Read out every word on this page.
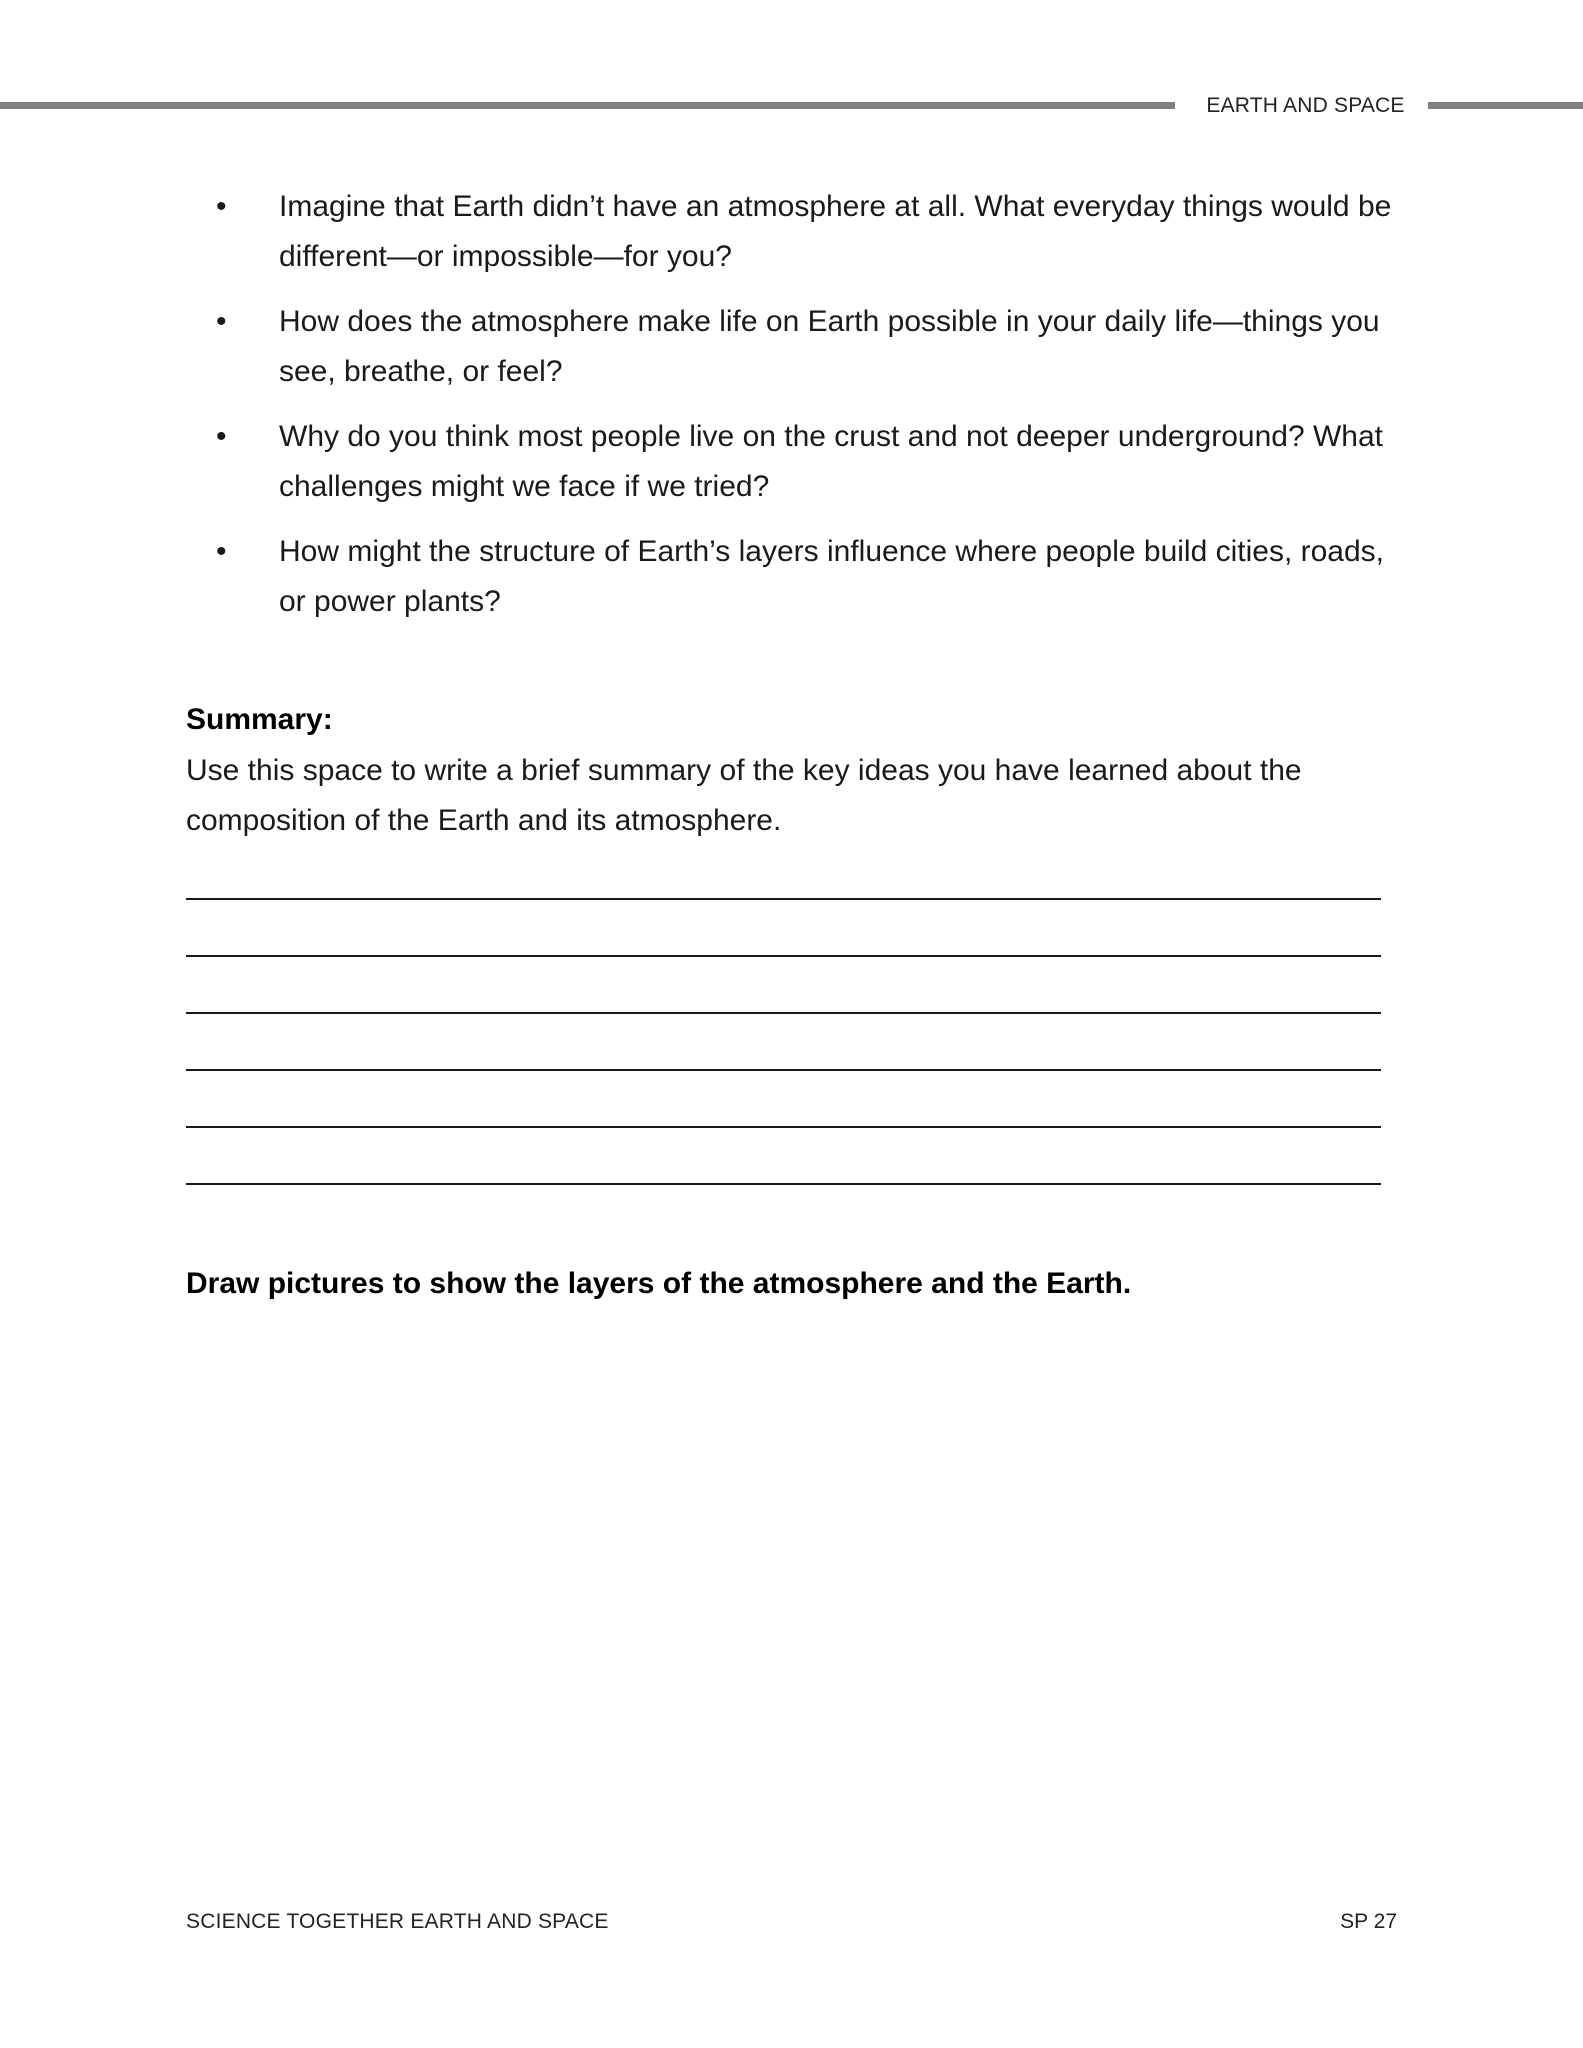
EARTH AND SPACE
• Imagine that Earth didn’t have an atmosphere at all. What everyday things would be different—or impossible—for you?
• How does the atmosphere make life on Earth possible in your daily life—things you see, breathe, or feel?
• Why do you think most people live on the crust and not deeper underground? What challenges might we face if we tried?
• How might the structure of Earth’s layers influence where people build cities, roads, or power plants?
Summary:
Use this space to write a brief summary of the key ideas you have learned about the composition of the Earth and its atmosphere.
Draw pictures to show the layers of the atmosphere and the Earth.
SCIENCE TOGETHER EARTH AND SPACE	SP 27
